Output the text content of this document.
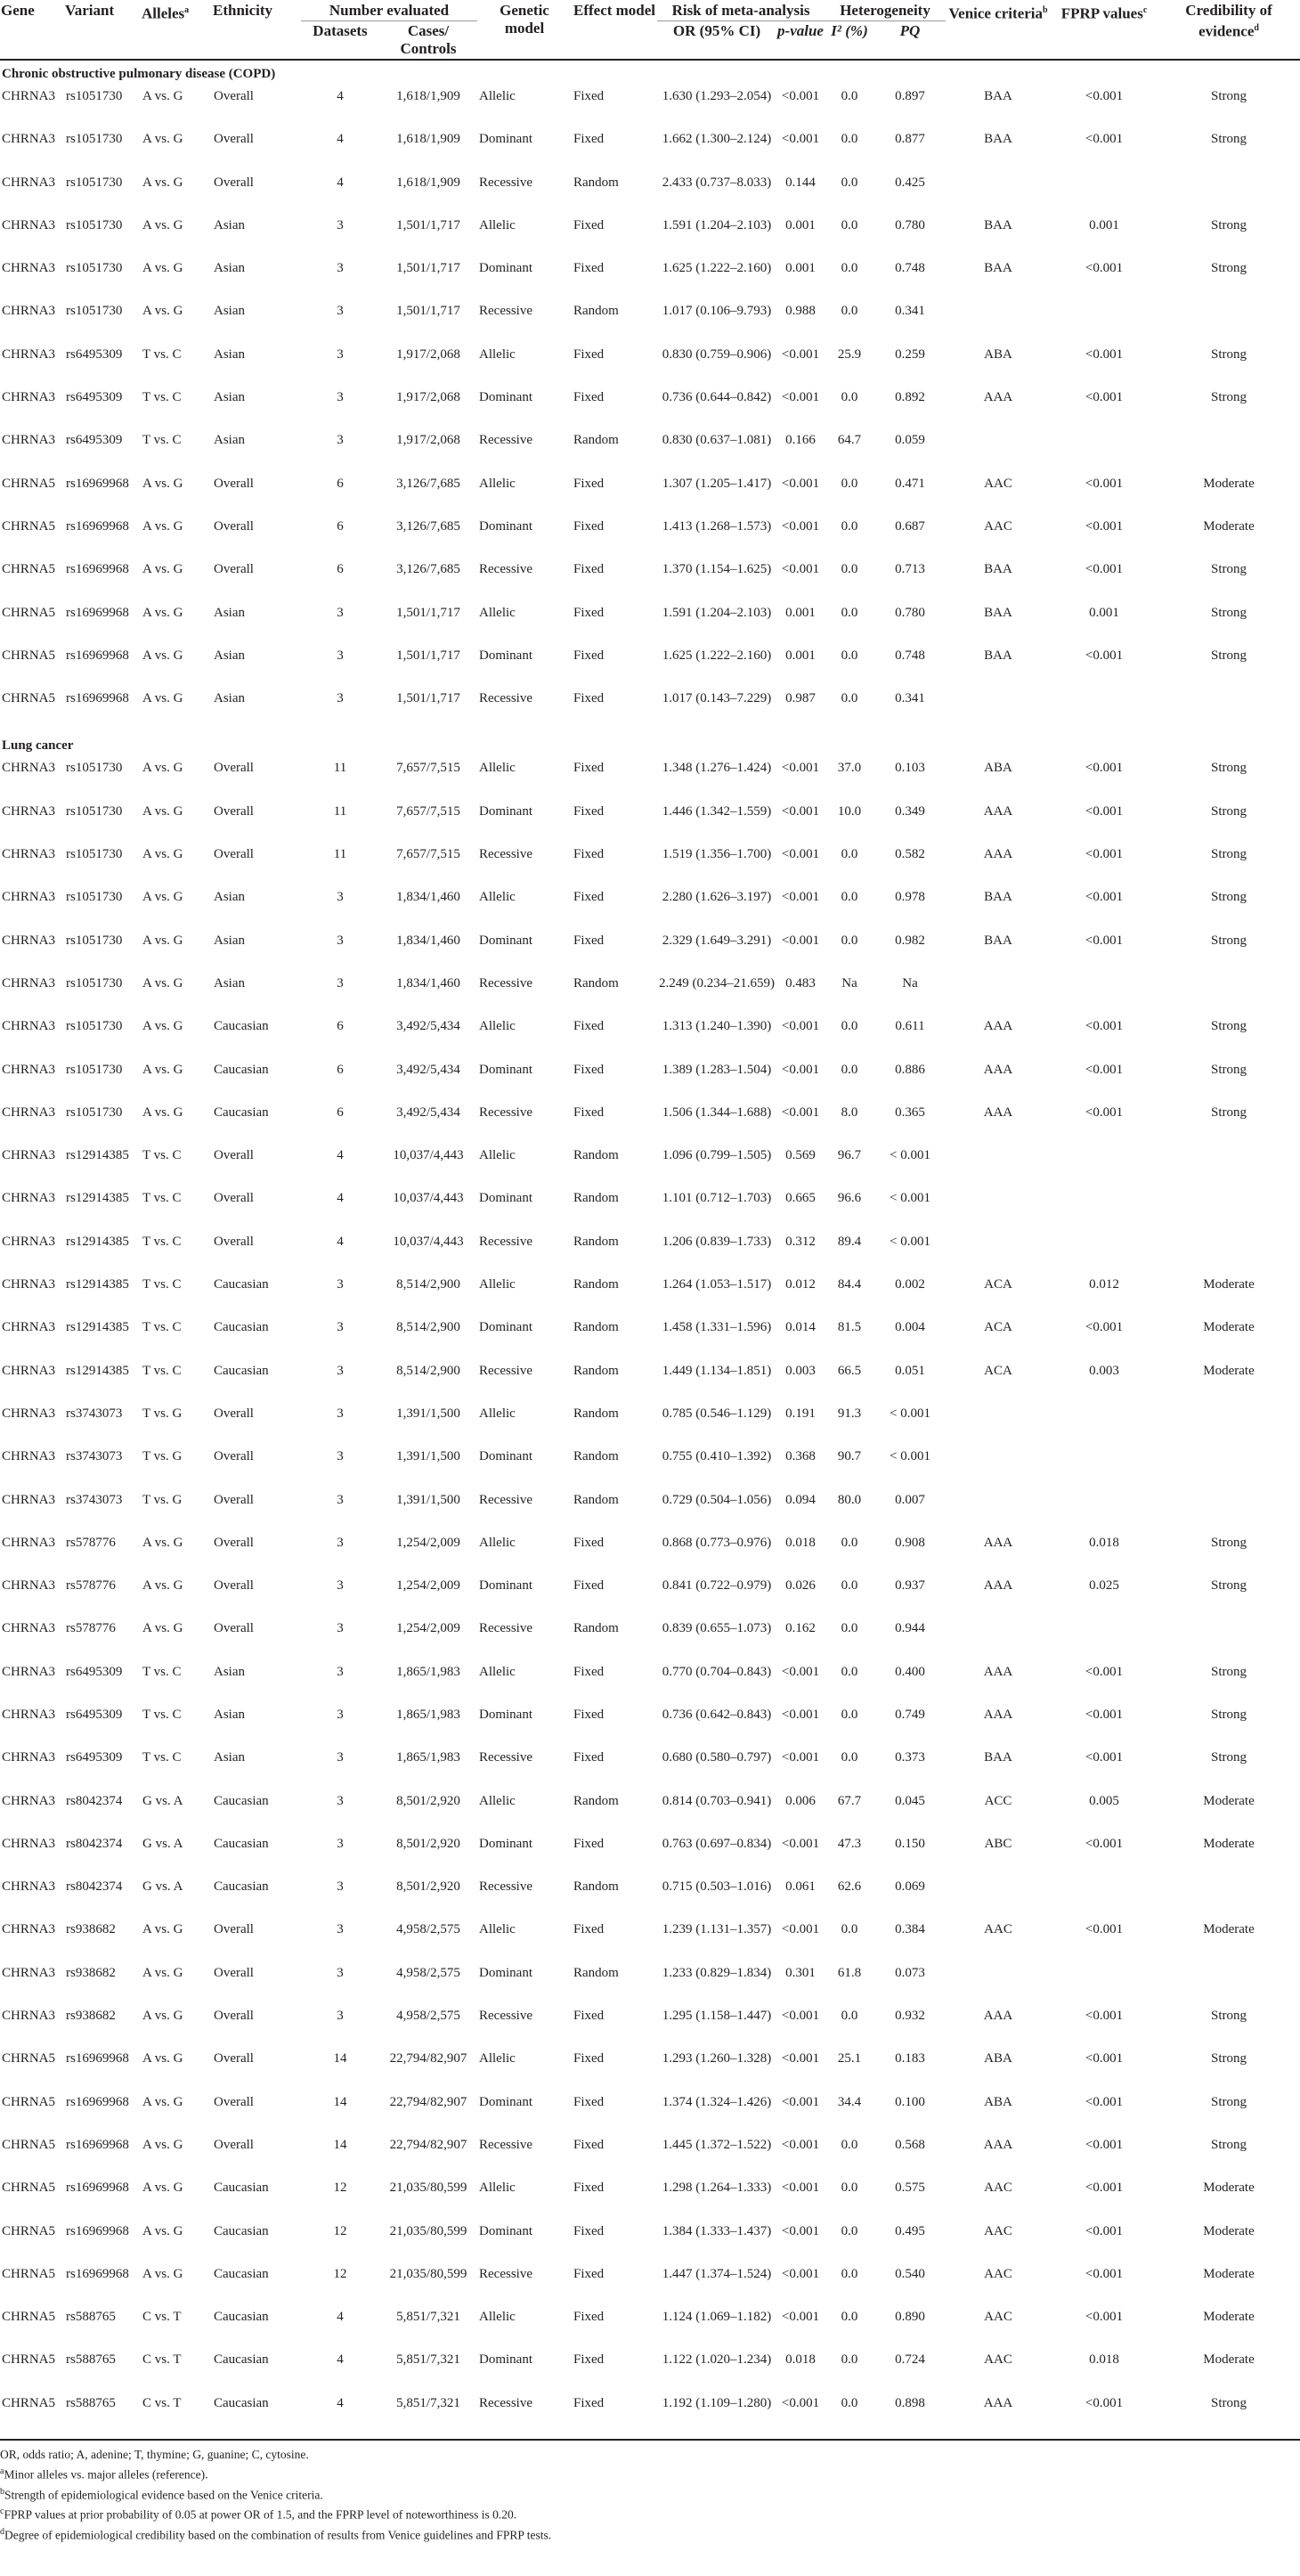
Gene	Variant	Alleles$^a$	Ethnicity	Number evaluated		Genetic model	Effect model	Risk of meta-analysis		Heterogeneity		Venice criteria$^b$	FPRP values$^c$	Credibility of evidence$^d$
				Datasets	Cases/ Controls			OR (95% CI)	p-value	I² (%)	PQ			
Chronic obstructive pulmonary disease (COPD)														
CHRNA3	rs1051730	A vs. G	Overall	4	1,618/1,909	Allelic	Fixed	1.630 (1.293–2.054)	<0.001	0.0	0.897	BAA	<0.001	Strong
CHRNA3	rs1051730	A vs. G	Overall	4	1,618/1,909	Dominant	Fixed	1.662 (1.300–2.124)	<0.001	0.0	0.877	BAA	<0.001	Strong
CHRNA3	rs1051730	A vs. G	Overall	4	1,618/1,909	Recessive	Random	2.433 (0.737–8.033)	0.144	0.0	0.425			
CHRNA3	rs1051730	A vs. G	Asian	3	1,501/1,717	Allelic	Fixed	1.591 (1.204–2.103)	0.001	0.0	0.780	BAA	0.001	Strong
CHRNA3	rs1051730	A vs. G	Asian	3	1,501/1,717	Dominant	Fixed	1.625 (1.222–2.160)	0.001	0.0	0.748	BAA	<0.001	Strong
CHRNA3	rs1051730	A vs. G	Asian	3	1,501/1,717	Recessive	Random	1.017 (0.106–9.793)	0.988	0.0	0.341			
CHRNA3	rs6495309	T vs. C	Asian	3	1,917/2,068	Allelic	Fixed	0.830 (0.759–0.906)	<0.001	25.9	0.259	ABA	<0.001	Strong
CHRNA3	rs6495309	T vs. C	Asian	3	1,917/2,068	Dominant	Fixed	0.736 (0.644–0.842)	<0.001	0.0	0.892	AAA	<0.001	Strong
CHRNA3	rs6495309	T vs. C	Asian	3	1,917/2,068	Recessive	Random	0.830 (0.637–1.081)	0.166	64.7	0.059			
CHRNA5	rs16969968	A vs. G	Overall	6	3,126/7,685	Allelic	Fixed	1.307 (1.205–1.417)	<0.001	0.0	0.471	AAC	<0.001	Moderate
CHRNA5	rs16969968	A vs. G	Overall	6	3,126/7,685	Dominant	Fixed	1.413 (1.268–1.573)	<0.001	0.0	0.687	AAC	<0.001	Moderate
CHRNA5	rs16969968	A vs. G	Overall	6	3,126/7,685	Recessive	Fixed	1.370 (1.154–1.625)	<0.001	0.0	0.713	BAA	<0.001	Strong
CHRNA5	rs16969968	A vs. G	Asian	3	1,501/1,717	Allelic	Fixed	1.591 (1.204–2.103)	0.001	0.0	0.780	BAA	0.001	Strong
CHRNA5	rs16969968	A vs. G	Asian	3	1,501/1,717	Dominant	Fixed	1.625 (1.222–2.160)	0.001	0.0	0.748	BAA	<0.001	Strong
CHRNA5	rs16969968	A vs. G	Asian	3	1,501/1,717	Recessive	Fixed	1.017 (0.143–7.229)	0.987	0.0	0.341			
Lung cancer														
CHRNA3	rs1051730	A vs. G	Overall	11	7,657/7,515	Allelic	Fixed	1.348 (1.276–1.424)	<0.001	37.0	0.103	ABA	<0.001	Strong
CHRNA3	rs1051730	A vs. G	Overall	11	7,657/7,515	Dominant	Fixed	1.446 (1.342–1.559)	<0.001	10.0	0.349	AAA	<0.001	Strong
CHRNA3	rs1051730	A vs. G	Overall	11	7,657/7,515	Recessive	Fixed	1.519 (1.356–1.700)	<0.001	0.0	0.582	AAA	<0.001	Strong
CHRNA3	rs1051730	A vs. G	Asian	3	1,834/1,460	Allelic	Fixed	2.280 (1.626–3.197)	<0.001	0.0	0.978	BAA	<0.001	Strong
CHRNA3	rs1051730	A vs. G	Asian	3	1,834/1,460	Dominant	Fixed	2.329 (1.649–3.291)	<0.001	0.0	0.982	BAA	<0.001	Strong
CHRNA3	rs1051730	A vs. G	Asian	3	1,834/1,460	Recessive	Random	2.249 (0.234–21.659)	0.483	Na	Na			
CHRNA3	rs1051730	A vs. G	Caucasian	6	3,492/5,434	Allelic	Fixed	1.313 (1.240–1.390)	<0.001	0.0	0.611	AAA	<0.001	Strong
CHRNA3	rs1051730	A vs. G	Caucasian	6	3,492/5,434	Dominant	Fixed	1.389 (1.283–1.504)	<0.001	0.0	0.886	AAA	<0.001	Strong
CHRNA3	rs1051730	A vs. G	Caucasian	6	3,492/5,434	Recessive	Fixed	1.506 (1.344–1.688)	<0.001	8.0	0.365	AAA	<0.001	Strong
CHRNA3	rs12914385	T vs. C	Overall	4	10,037/4,443	Allelic	Random	1.096 (0.799–1.505)	0.569	96.7	< 0.001			
CHRNA3	rs12914385	T vs. C	Overall	4	10,037/4,443	Dominant	Random	1.101 (0.712–1.703)	0.665	96.6	< 0.001			
CHRNA3	rs12914385	T vs. C	Overall	4	10,037/4,443	Recessive	Random	1.206 (0.839–1.733)	0.312	89.4	< 0.001			
CHRNA3	rs12914385	T vs. C	Caucasian	3	8,514/2,900	Allelic	Random	1.264 (1.053–1.517)	0.012	84.4	0.002	ACA	0.012	Moderate
CHRNA3	rs12914385	T vs. C	Caucasian	3	8,514/2,900	Dominant	Random	1.458 (1.331–1.596)	0.014	81.5	0.004	ACA	<0.001	Moderate
CHRNA3	rs12914385	T vs. C	Caucasian	3	8,514/2,900	Recessive	Random	1.449 (1.134–1.851)	0.003	66.5	0.051	ACA	0.003	Moderate
CHRNA3	rs3743073	T vs. G	Overall	3	1,391/1,500	Allelic	Random	0.785 (0.546–1.129)	0.191	91.3	< 0.001			
CHRNA3	rs3743073	T vs. G	Overall	3	1,391/1,500	Dominant	Random	0.755 (0.410–1.392)	0.368	90.7	< 0.001			
CHRNA3	rs3743073	T vs. G	Overall	3	1,391/1,500	Recessive	Random	0.729 (0.504–1.056)	0.094	80.0	0.007			
CHRNA3	rs578776	A vs. G	Overall	3	1,254/2,009	Allelic	Fixed	0.868 (0.773–0.976)	0.018	0.0	0.908	AAA	0.018	Strong
CHRNA3	rs578776	A vs. G	Overall	3	1,254/2,009	Dominant	Fixed	0.841 (0.722–0.979)	0.026	0.0	0.937	AAA	0.025	Strong
CHRNA3	rs578776	A vs. G	Overall	3	1,254/2,009	Recessive	Random	0.839 (0.655–1.073)	0.162	0.0	0.944			
CHRNA3	rs6495309	T vs. C	Asian	3	1,865/1,983	Allelic	Fixed	0.770 (0.704–0.843)	<0.001	0.0	0.400	AAA	<0.001	Strong
CHRNA3	rs6495309	T vs. C	Asian	3	1,865/1,983	Dominant	Fixed	0.736 (0.642–0.843)	<0.001	0.0	0.749	AAA	<0.001	Strong
CHRNA3	rs6495309	T vs. C	Asian	3	1,865/1,983	Recessive	Fixed	0.680 (0.580–0.797)	<0.001	0.0	0.373	BAA	<0.001	Strong
CHRNA3	rs8042374	G vs. A	Caucasian	3	8,501/2,920	Allelic	Random	0.814 (0.703–0.941)	0.006	67.7	0.045	ACC	0.005	Moderate
CHRNA3	rs8042374	G vs. A	Caucasian	3	8,501/2,920	Dominant	Fixed	0.763 (0.697–0.834)	<0.001	47.3	0.150	ABC	<0.001	Moderate
CHRNA3	rs8042374	G vs. A	Caucasian	3	8,501/2,920	Recessive	Random	0.715 (0.503–1.016)	0.061	62.6	0.069			
CHRNA3	rs938682	A vs. G	Overall	3	4,958/2,575	Allelic	Fixed	1.239 (1.131–1.357)	<0.001	0.0	0.384	AAC	<0.001	Moderate
CHRNA3	rs938682	A vs. G	Overall	3	4,958/2,575	Dominant	Random	1.233 (0.829–1.834)	0.301	61.8	0.073			
CHRNA3	rs938682	A vs. G	Overall	3	4,958/2,575	Recessive	Fixed	1.295 (1.158–1.447)	<0.001	0.0	0.932	AAA	<0.001	Strong
CHRNA5	rs16969968	A vs. G	Overall	14	22,794/82,907	Allelic	Fixed	1.293 (1.260–1.328)	<0.001	25.1	0.183	ABA	<0.001	Strong
CHRNA5	rs16969968	A vs. G	Overall	14	22,794/82,907	Dominant	Fixed	1.374 (1.324–1.426)	<0.001	34.4	0.100	ABA	<0.001	Strong
CHRNA5	rs16969968	A vs. G	Overall	14	22,794/82,907	Recessive	Fixed	1.445 (1.372–1.522)	<0.001	0.0	0.568	AAA	<0.001	Strong
CHRNA5	rs16969968	A vs. G	Caucasian	12	21,035/80,599	Allelic	Fixed	1.298 (1.264–1.333)	<0.001	0.0	0.575	AAC	<0.001	Moderate
CHRNA5	rs16969968	A vs. G	Caucasian	12	21,035/80,599	Dominant	Fixed	1.384 (1.333–1.437)	<0.001	0.0	0.495	AAC	<0.001	Moderate
CHRNA5	rs16969968	A vs. G	Caucasian	12	21,035/80,599	Recessive	Fixed	1.447 (1.374–1.524)	<0.001	0.0	0.540	AAC	<0.001	Moderate
CHRNA5	rs588765	C vs. T	Caucasian	4	5,851/7,321	Allelic	Fixed	1.124 (1.069–1.182)	<0.001	0.0	0.890	AAC	<0.001	Moderate
CHRNA5	rs588765	C vs. T	Caucasian	4	5,851/7,321	Dominant	Fixed	1.122 (1.020–1.234)	0.018	0.0	0.724	AAC	0.018	Moderate
CHRNA5	rs588765	C vs. T	Caucasian	4	5,851/7,321	Recessive	Fixed	1.192 (1.109–1.280)	<0.001	0.0	0.898	AAA	<0.001	Strong
OR, odds ratio; A, adenine; T, thymine; G, guanine; C, cytosine.
$^a$Minor alleles vs. major alleles (reference).
$^b$Strength of epidemiological evidence based on the Venice criteria.
$^c$FPRP values at prior probability of 0.05 at power OR of 1.5, and the FPRP level of noteworthiness is 0.20.
$^d$Degree of epidemiological credibility based on the combination of results from Venice guidelines and FPRP tests.
